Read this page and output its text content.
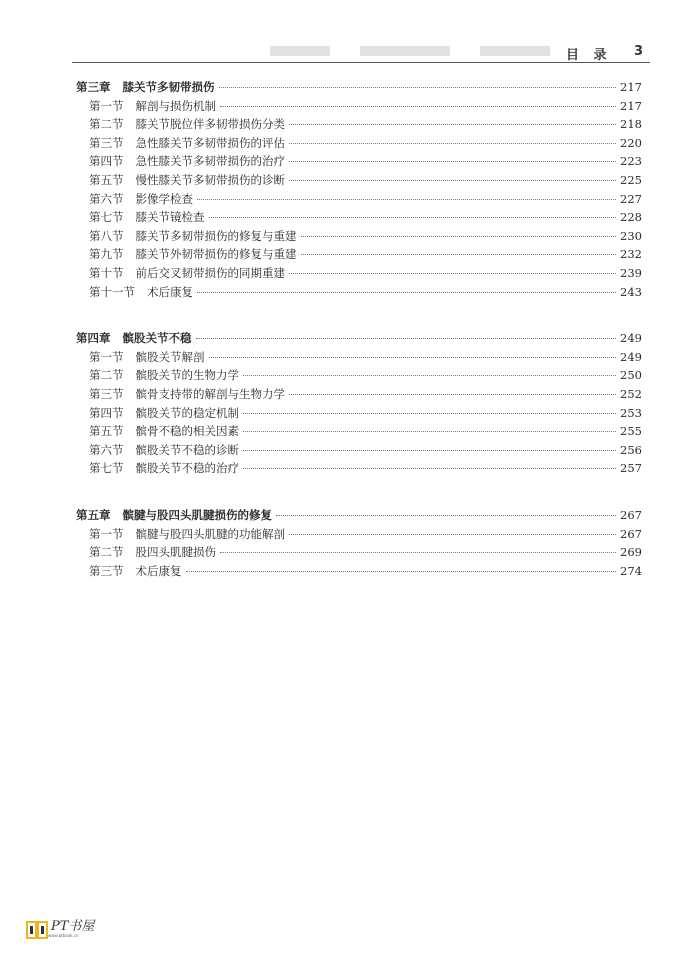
目 录 3
第三章 膝关节多韧带损伤	217
第一节 解剖与损伤机制	217
第二节 膝关节脱位伴多韧带损伤分类	218
第三节 急性膝关节多韧带损伤的评估	220
第四节 急性膝关节多韧带损伤的治疗	223
第五节 慢性膝关节多韧带损伤的诊断	225
第六节 影像学检查	227
第七节 膝关节镜检查	228
第八节 膝关节多韧带损伤的修复与重建	230
第九节 膝关节外韧带损伤的修复与重建	232
第十节 前后交叉韧带损伤的同期重建	239
第十一节 术后康复	243
第四章 髌股关节不稳	249
第一节 髌股关节解剖	249
第二节 髌股关节的生物力学	250
第三节 髌骨支持带的解剖与生物力学	252
第四节 髌股关节的稳定机制	253
第五节 髌骨不稳的相关因素	255
第六节 髌股关节不稳的诊断	256
第七节 髌股关节不稳的治疗	257
第五章 髌腱与股四头肌腱损伤的修复	267
第一节 髌腱与股四头肌腱的功能解剖	267
第二节 股四头肌腱损伤	269
第三节 术后康复	274
PT书屋
www.ptbook.cn
